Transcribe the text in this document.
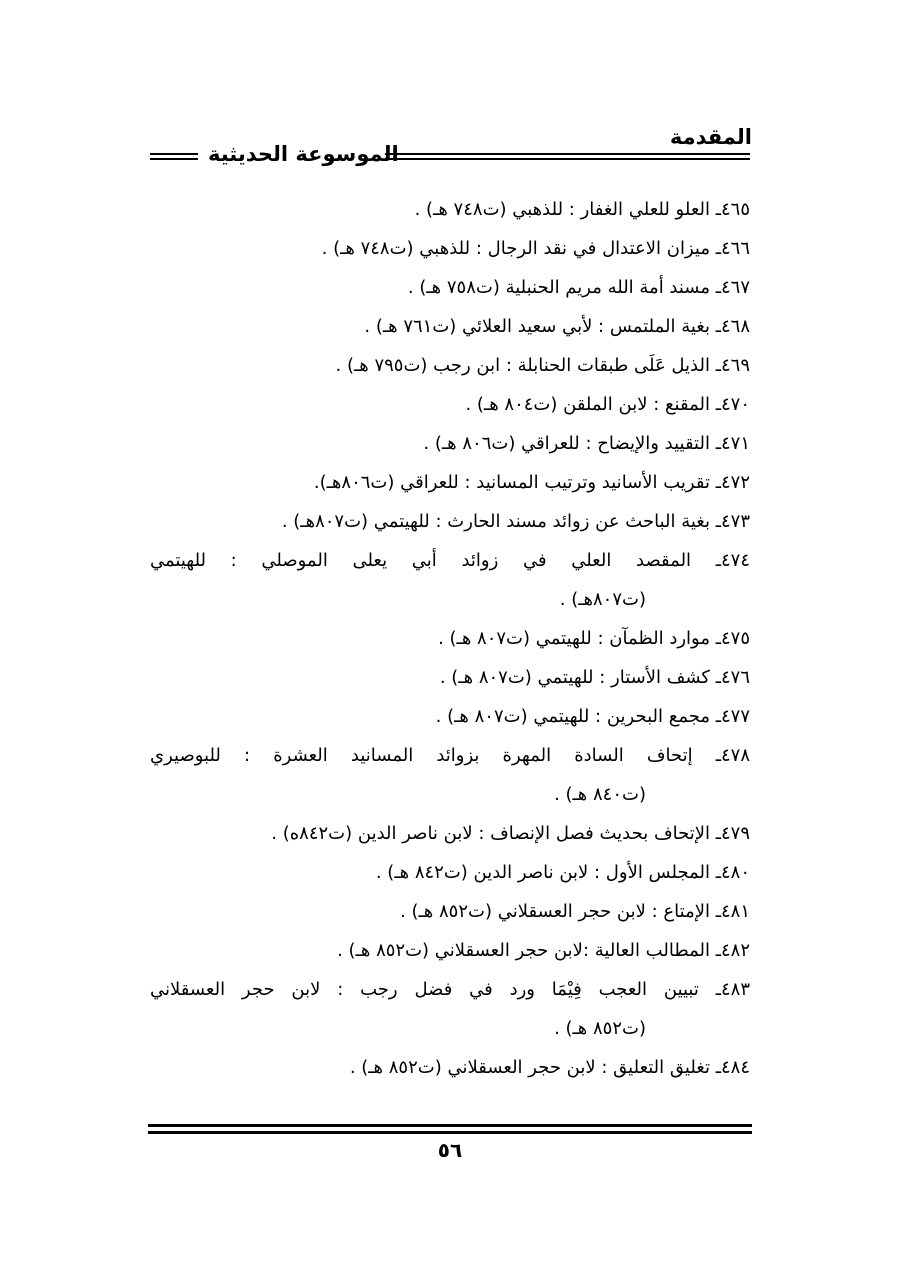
المقدمة
الموسوعة الحديثية
٤٦٥ـ العلو للعلي الغفار : للذهبي (ت٧٤٨ هـ) .
٤٦٦ـ ميزان الاعتدال في نقد الرجال : للذهبي (ت٧٤٨ هـ) .
٤٦٧ـ مسند أمة الله مريم الحنبلية (ت٧٥٨ هـ) .
٤٦٨ـ بغية الملتمس : لأبي سعيد العلائي (ت٧٦١ هـ) .
٤٦٩ـ الذيل عَلَى طبقات الحنابلة : ابن رجب (ت٧٩٥ هـ) .
٤٧٠ـ المقنع : لابن الملقن (ت٨٠٤ هـ) .
٤٧١ـ التقييد والإيضاح : للعراقي (ت٨٠٦ هـ) .
٤٧٢ـ تقريب الأسانيد وترتيب المسانيد : للعراقي (ت٨٠٦هـ).
٤٧٣ـ بغية الباحث عن زوائد مسند الحارث : للهيتمي (ت٨٠٧هـ) .
٤٧٤ـ المقصد العلي في زوائد أبي يعلى الموصلي : للهيتمي
(ت٨٠٧هـ) .
٤٧٥ـ موارد الظمآن : للهيتمي (ت٨٠٧ هـ) .
٤٧٦ـ كشف الأستار : للهيتمي (ت٨٠٧ هـ) .
٤٧٧ـ مجمع البحرين : للهيتمي (ت٨٠٧ هـ) .
٤٧٨ـ إتحاف السادة المهرة بزوائد المسانيد العشرة : للبوصيري
(ت٨٤٠ هـ) .
٤٧٩ـ الإتحاف بحديث فصل الإنصاف : لابن ناصر الدين (ت٨٤٢ه) .
٤٨٠ـ المجلس الأول : لابن ناصر الدين (ت٨٤٢ هـ) .
٤٨١ـ الإمتاع : لابن حجر العسقلاني (ت٨٥٢ هـ) .
٤٨٢ـ المطالب العالية :لابن حجر العسقلاني (ت٨٥٢ هـ) .
٤٨٣ـ تبيين العجب فِيْمَا ورد في فضل رجب : لابن حجر العسقلاني
(ت٨٥٢ هـ) .
٤٨٤ـ تغليق التعليق : لابن حجر العسقلاني (ت٨٥٢ هـ) .
٥٦
